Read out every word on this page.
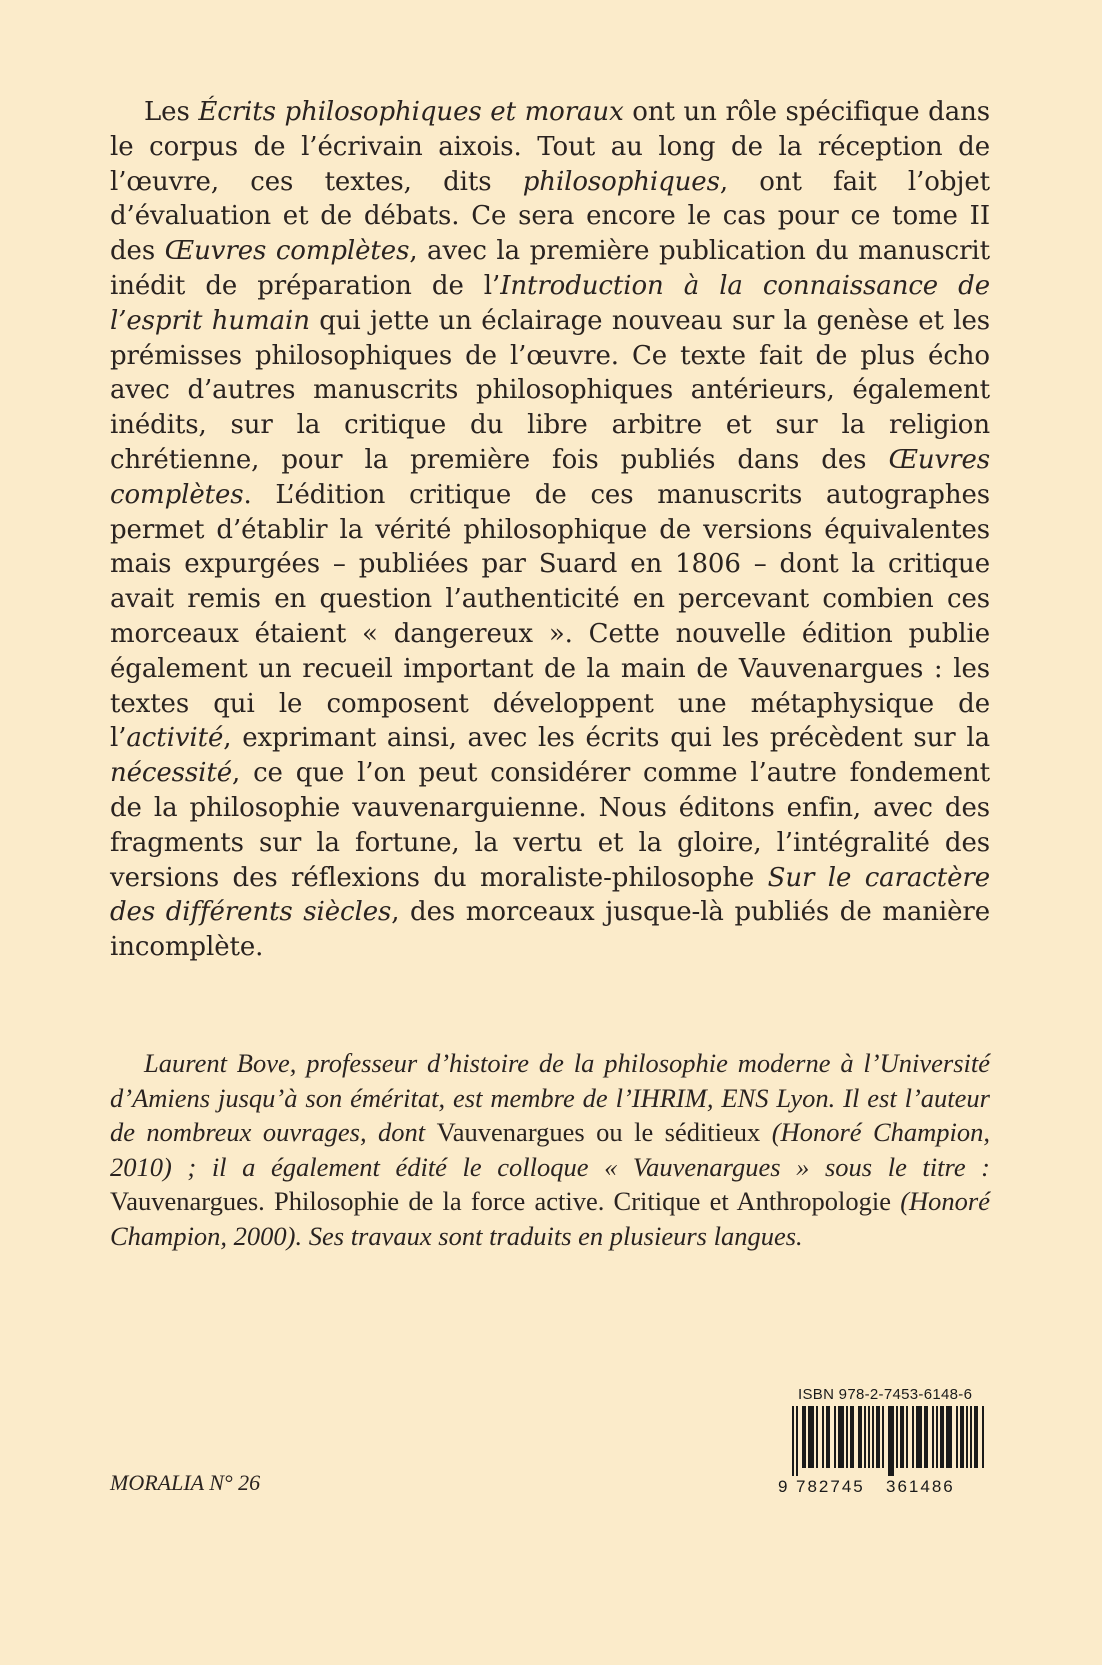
Les Écrits philosophiques et moraux ont un rôle spécifique dans le corpus de l’écrivain aixois. Tout au long de la réception de l’œuvre, ces textes, dits philosophiques, ont fait l’objet d’évaluation et de débats. Ce sera encore le cas pour ce tome II des Œuvres complètes, avec la première publication du manuscrit inédit de préparation de l’Introduction à la connaissance de l’esprit humain qui jette un éclairage nouveau sur la genèse et les prémisses philosophiques de l’œuvre. Ce texte fait de plus écho avec d’autres manuscrits philosophiques antérieurs, également inédits, sur la critique du libre arbitre et sur la religion chrétienne, pour la première fois publiés dans des Œuvres complètes. L’édition critique de ces manuscrits autographes permet d’établir la vérité philosophique de versions équivalentes mais expurgées – publiées par Suard en 1806 – dont la critique avait remis en question l’authenticité en percevant combien ces morceaux étaient « dangereux ». Cette nouvelle édition publie également un recueil important de la main de Vauvenargues : les textes qui le composent développent une métaphysique de l’activité, exprimant ainsi, avec les écrits qui les précèdent sur la nécessité, ce que l’on peut considérer comme l’autre fondement de la philosophie vauvenarguienne. Nous éditons enfin, avec des fragments sur la fortune, la vertu et la gloire, l’intégralité des versions des réflexions du moraliste-philosophe Sur le caractère des différents siècles, des morceaux jusque-là publiés de manière incomplète.

Laurent Bove, professeur d’histoire de la philosophie moderne à l’Université d’Amiens jusqu’à son éméritat, est membre de l’IHRIM, ENS Lyon. Il est l’auteur de nombreux ouvrages, dont Vauvenargues ou le séditieux (Honoré Champion, 2010) ; il a également édité le colloque « Vauvenargues » sous le titre : Vauvenargues. Philosophie de la force active. Critique et Anthropologie (Honoré Champion, 2000). Ses travaux sont traduits en plusieurs langues.

MORALIA N° 26
ISBN 978-2-7453-6148-6
9 782745 361486
